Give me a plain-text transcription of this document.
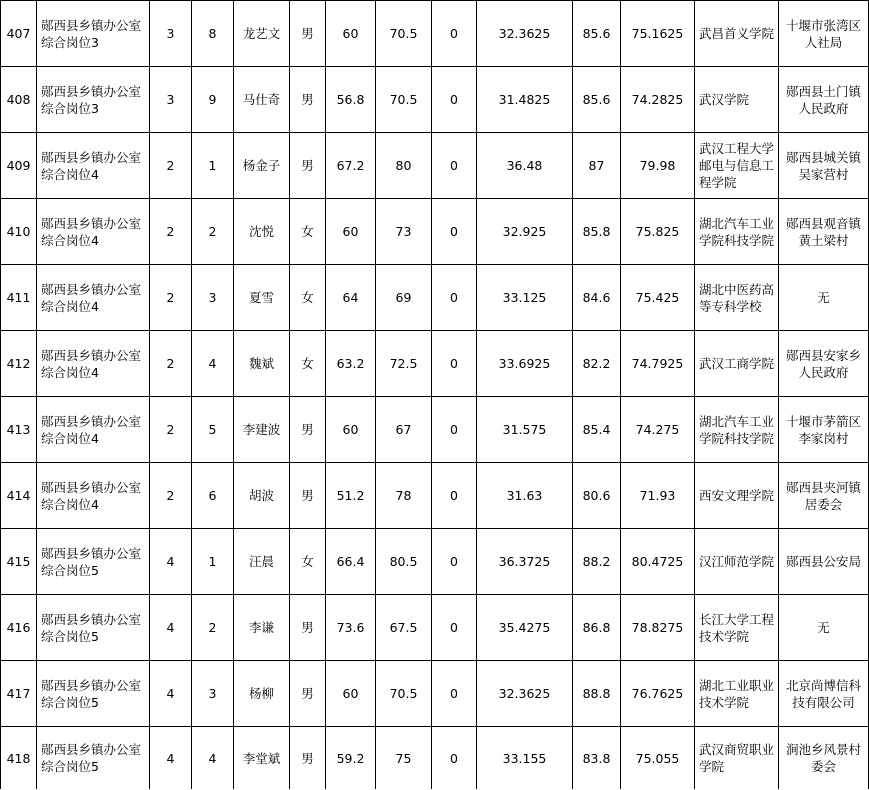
407	郧西县乡镇办公室综合岗位3	3	8	龙艺文	男	60	70.5	0	32.3625	85.6	75.1625	武昌首义学院	十堰市张湾区人社局
408	郧西县乡镇办公室综合岗位3	3	9	马仕奇	男	56.8	70.5	0	31.4825	85.6	74.2825	武汉学院	郧西县土门镇人民政府
409	郧西县乡镇办公室综合岗位4	2	1	杨金子	男	67.2	80	0	36.48	87	79.98	武汉工程大学邮电与信息工程学院	郧西县城关镇吴家营村
410	郧西县乡镇办公室综合岗位4	2	2	沈悦	女	60	73	0	32.925	85.8	75.825	湖北汽车工业学院科技学院	郧西县观音镇黄土梁村
411	郧西县乡镇办公室综合岗位4	2	3	夏雪	女	64	69	0	33.125	84.6	75.425	湖北中医药高等专科学校	无
412	郧西县乡镇办公室综合岗位4	2	4	魏斌	女	63.2	72.5	0	33.6925	82.2	74.7925	武汉工商学院	郧西县安家乡人民政府
413	郧西县乡镇办公室综合岗位4	2	5	李建波	男	60	67	0	31.575	85.4	74.275	湖北汽车工业学院科技学院	十堰市茅箭区李家岗村
414	郧西县乡镇办公室综合岗位4	2	6	胡波	男	51.2	78	0	31.63	80.6	71.93	西安文理学院	郧西县夹河镇居委会
415	郧西县乡镇办公室综合岗位5	4	1	汪晨	女	66.4	80.5	0	36.3725	88.2	80.4725	汉江师范学院	郧西县公安局
416	郧西县乡镇办公室综合岗位5	4	2	李谦	男	73.6	67.5	0	35.4275	86.8	78.8275	长江大学工程技术学院	无
417	郧西县乡镇办公室综合岗位5	4	3	杨柳	男	60	70.5	0	32.3625	88.8	76.7625	湖北工业职业技术学院	北京尚博信科技有限公司
418	郧西县乡镇办公室综合岗位5	4	4	李堂斌	男	59.2	75	0	33.155	83.8	75.055	武汉商贸职业学院	涧池乡风景村委会
